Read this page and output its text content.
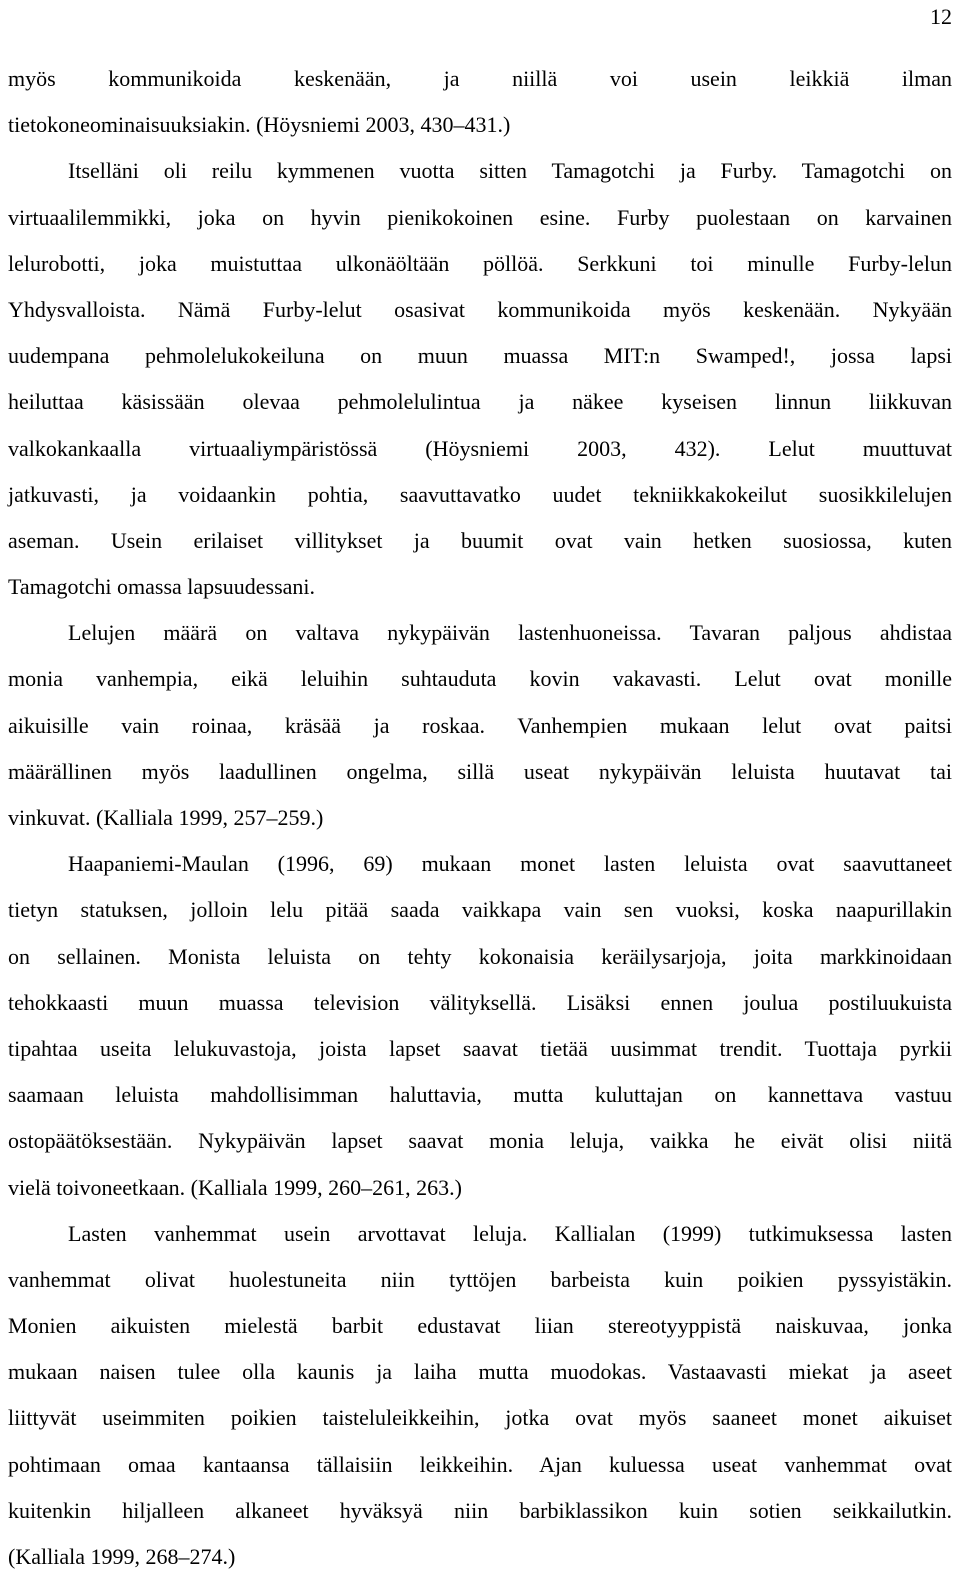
12
myös kommunikoida keskenään, ja niillä voi usein leikkiä ilman
tietokoneominaisuuksiakin. (Höysniemi 2003, 430–431.)
Itselläni oli reilu kymmenen vuotta sitten Tamagotchi ja Furby. Tamagotchi on
virtuaalilemmikki, joka on hyvin pienikokoinen esine. Furby puolestaan on karvainen
lelurobotti, joka muistuttaa ulkonäöltään pöllöä. Serkkuni toi minulle Furby-lelun
Yhdysvalloista. Nämä Furby-lelut osasivat kommunikoida myös keskenään. Nykyään
uudempana pehmolelukokeiluna on muun muassa MIT:n Swamped!, jossa lapsi
heiluttaa käsissään olevaa pehmolelulintua ja näkee kyseisen linnun liikkuvan
valkokankaalla virtuaaliympäristössä (Höysniemi 2003, 432). Lelut muuttuvat
jatkuvasti, ja voidaankin pohtia, saavuttavatko uudet tekniikkakokeilut suosikkilelujen
aseman. Usein erilaiset villitykset ja buumit ovat vain hetken suosiossa, kuten
Tamagotchi omassa lapsuudessani.
Lelujen määrä on valtava nykypäivän lastenhuoneissa. Tavaran paljous ahdistaa
monia vanhempia, eikä leluihin suhtauduta kovin vakavasti. Lelut ovat monille
aikuisille vain roinaa, kräsää ja roskaa. Vanhempien mukaan lelut ovat paitsi
määrällinen myös laadullinen ongelma, sillä useat nykypäivän leluista huutavat tai
vinkuvat. (Kalliala 1999, 257–259.)
Haapaniemi-Maulan (1996, 69) mukaan monet lasten leluista ovat saavuttaneet
tietyn statuksen, jolloin lelu pitää saada vaikkapa vain sen vuoksi, koska naapurillakin
on sellainen. Monista leluista on tehty kokonaisia keräilysarjoja, joita markkinoidaan
tehokkaasti muun muassa television välityksellä. Lisäksi ennen joulua postiluukuista
tipahtaa useita lelukuvastoja, joista lapset saavat tietää uusimmat trendit. Tuottaja pyrkii
saamaan leluista mahdollisimman haluttavia, mutta kuluttajan on kannettava vastuu
ostopäätöksestään. Nykypäivän lapset saavat monia leluja, vaikka he eivät olisi niitä
vielä toivoneetkaan. (Kalliala 1999, 260–261, 263.)
Lasten vanhemmat usein arvottavat leluja. Kallialan (1999) tutkimuksessa lasten
vanhemmat olivat huolestuneita niin tyttöjen barbeista kuin poikien pyssyistäkin.
Monien aikuisten mielestä barbit edustavat liian stereotyyppistä naiskuvaa, jonka
mukaan naisen tulee olla kaunis ja laiha mutta muodokas. Vastaavasti miekat ja aseet
liittyvät useimmiten poikien taisteluleikkeihin, jotka ovat myös saaneet monet aikuiset
pohtimaan omaa kantaansa tällaisiin leikkeihin. Ajan kuluessa useat vanhemmat ovat
kuitenkin hiljalleen alkaneet hyväksyä niin barbiklassikon kuin sotien seikkailutkin.
(Kalliala 1999, 268–274.)
